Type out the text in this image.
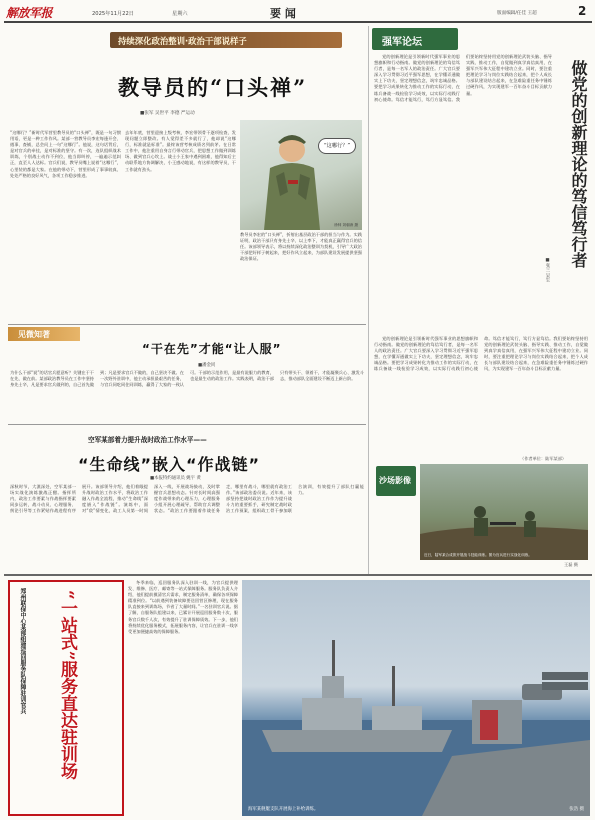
解放军报	2025年11月22日	星期六	要 闻	版面编辑/任佳 王超	2
持续深化政治整训·政治干部说样子
教导员的“口头禅”
■张军 吴世平 李德 严运动
“这哪行？”新时代军营里教导员的“口头禅”，既是一句习惯用语，更是一种工作作风。某部一营教导员李宏每逢开会、遇事、查铺，总会问上一句“这哪行”。他说，这句话背后，是对官兵的牵挂，是对标准的坚守。有一次，连队组织战术训练，个别战士动作不到位，他当即叫停，一遍遍示范纠正，直至人人达标。官兵们说，教导员嘴上说着“这哪行”，心里装的都是大家。在他的带动下，营里形成了事事较真、处处严格的良好风气，各项工作稳步推进。
去年年底，营里迎接上级考核，李宏带领骨干逐项检查，发现问题立即整改。有人觉得差不多就行了，他却说“这哪行，标准就是标准”。最终该营考核成绩名列前茅。在日常工作中，他注重用自身言行带动官兵，把思想工作做到训练场、做到官兵心坎上。战士小王家中遇到困难，他得知后主动联系地方协调解决，小王感动地说，有这样的教导员，干工作就有劲头。
教导员李宏的“口头禅”，折射出基层政治干部的担当与作为。实践证明，政治干部只有身先士卒、以上率下，才能真正赢得官兵的信任。该部领导表示，将以持续深化政治整训为契机，引导广大政治干部把好样子树起来，把好作风立起来，为部队建设发展提供坚强政治保证。
“这哪行？”
徐帅 刘朝涛 摄
见微知著
“干在先”才能“让人服”
■潘金同
为什么干部“说”的话官兵愿意听？关键在于干在先、做在前。某部政治教导员在工作中坚持身先士卒，凡是要求官兵做到的，自己首先做到；凡是要求官兵不做的，自己坚决不做。在一次野外驻训中，他主动承担最艰苦的任务，与官兵同吃同住同训练，赢得了大家的一致认可。干部的示范作用，是最有说服力的教育，也是最生动的政治工作。实践表明，政治干部只有带头干、领着干，才能凝聚兵心、激发斗志，推动部队全面建设不断迈上新台阶。
空军某部着力提升战时政治工作水平——
“生命线”嵌入“作战链”
■本报特约通讯员 姚宇 黄
深秋时节，大漠深处，空军某部一场实战化演练激战正酣。指挥所内，政治工作要素与作战指挥要素同步运转，战斗动员、心理服务、舆论引导等工作紧贴作战进程有序展开。该部领导介绍，他们着眼提升战时政治工作水平，将政治工作融入作战全流程，推动“生命线”深度嵌入“作战链”。演练中，面对“敌”情变化，政工人员第一时间深入一线，开展战场鼓动，及时掌握官兵思想动态。针对长时间高强度作战带来的心理压力，心理服务小组开展心理疏导，帮助官兵调整状态。“政治工作要跟着作战任务走，哪里有战斗，哪里就有政治工作。”该部政治委员说。近年来，该部坚持把战时政治工作作为提升战斗力的重要抓手，研究制定战时政治工作预案，组织政工骨干参加联合演训，有效提升了部队打赢能力。
强军论坛
党的创新理论是引领新时代强军事业的思想旗帜和行动指南。做党的创新理论的笃信笃行者，是每一名军人的政治责任。广大官兵要深入学习贯彻习近平强军思想，在学懂弄通做实上下功夫，坚定理想信念，筑牢忠诚品格。要把学习成果转化为推动工作的实际行动，在练兵备战一线检验学习成效，以实际行动践行初心使命。笃信才能笃行，笃行方显笃信。我们要始终坚持用党的创新理论武装头脑、指导实践、推动工作，自觉做到真学真信真用，在强军兴军伟大征程中建功立业。同时，要注重把理论学习与岗位实践结合起来，把个人成长与部队建设结合起来，在急难险重任务中锤炼过硬作风，为实现建军一百年奋斗目标贡献力量。	做党的创新理论的笃信笃行者
■张三 吴生
党的创新理论是引领新时代强军事业的思想旗帜和行动指南。做党的创新理论的笃信笃行者，是每一名军人的政治责任。广大官兵要深入学习贯彻习近平强军思想，在学懂弄通做实上下功夫，坚定理想信念，筑牢忠诚品格。要把学习成果转化为推动工作的实际行动，在练兵备战一线检验学习成效，以实际行动践行初心使命。笃信才能笃行，笃行方显笃信。我们要始终坚持用党的创新理论武装头脑、指导实践、推动工作，自觉做到真学真信真用，在强军兴军伟大征程中建功立业。同时，要注重把理论学习与岗位实践结合起来，把个人成长与部队建设结合起来，在急难险重任务中锤炼过硬作风，为实现建军一百年奋斗目标贡献力量。
（作者单位：陆军某部）
近日，陆军某合成旅开展战斗技能训练。图为官兵进行实战化训练。
沙场影像
王磊 摄
郑州联保中心某部组建巡回服务队保障驻训官兵	“一站式”服务直达驻训场
冬季来临，巡回服务队深入驻训一线，为官兵提供理发、维修、医疗、邮寄等一站式保障服务。服务队负责人介绍，他们提前摸清官兵需求，制定服务清单，确保各项保障精准到位。“以前遇到装备故障要送回营区修理，现在服务队直接来到训练场，节省了大量时间。”一名驻训官兵说。据了解，自服务队组建以来，已累计开展巡回服务数十次，服务官兵数千人次，有效提升了驻训保障质效。下一步，他们将持续优化服务模式，拓展服务内容，让官兵在驻训一线享受更加便捷高效的保障服务。
海军某舰艇支队开展海上补给训练。	张浩 摄
